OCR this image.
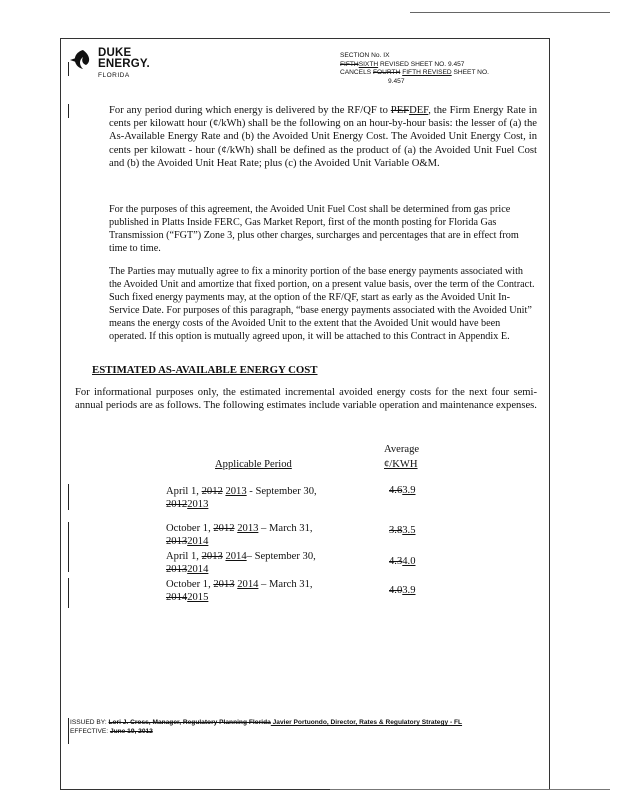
DUKE
ENERGY.
FLORIDA
SECTION No. IX
FIFTHSIXTH REVISED SHEET NO. 9.457
CANCELS FOURTH FIFTH REVISED SHEET NO.
9.457
For any period during which energy is delivered by the RF/QF to PEFDEF, the Firm Energy Rate in cents per kilowatt hour (¢/kWh) shall be the following on an hour-by-hour basis: the lesser of (a) the As-Available Energy Rate and (b) the Avoided Unit Energy Cost. The Avoided Unit Energy Cost, in cents per kilowatt - hour (¢/kWh) shall be defined as the product of (a) the Avoided Unit Fuel Cost and (b) the Avoided Unit Heat Rate; plus (c) the Avoided Unit Variable O&M.
For the purposes of this agreement, the Avoided Unit Fuel Cost shall be determined from gas price published in Platts Inside FERC, Gas Market Report, first of the month posting for Florida Gas Transmission (“FGT”) Zone 3, plus other charges, surcharges and percentages that are in effect from time to time.
The Parties may mutually agree to fix a minority portion of the base energy payments associated with the Avoided Unit and amortize that fixed portion, on a present value basis, over the term of the Contract. Such fixed energy payments may, at the option of the RF/QF, start as early as the Avoided Unit In-Service Date. For purposes of this paragraph, “base energy payments associated with the Avoided Unit” means the energy costs of the Avoided Unit to the extent that the Avoided Unit would have been operated. If this option is mutually agreed upon, it will be attached to this Contract in Appendix E.
ESTIMATED AS-AVAILABLE ENERGY COST
For informational purposes only, the estimated incremental avoided energy costs for the next four semi-annual periods are as follows. The following estimates include variable operation and maintenance expenses.
Average
¢/KWH
Applicable Period
April 1, 2012 2013 - September 30,
20122013
4.63.9
October 1, 2012 2013 – March 31,
20132014
3.83.5
April 1, 2013 2014– September 30,
20132014
4.34.0
October 1, 2013 2014 – March 31,
20142015
4.03.9
ISSUED BY: Lori J. Cross, Manager, Regulatory Planning Florida Javier Portuondo, Director, Rates & Regulatory Strategy - FL
EFFECTIVE: June 19, 2012
